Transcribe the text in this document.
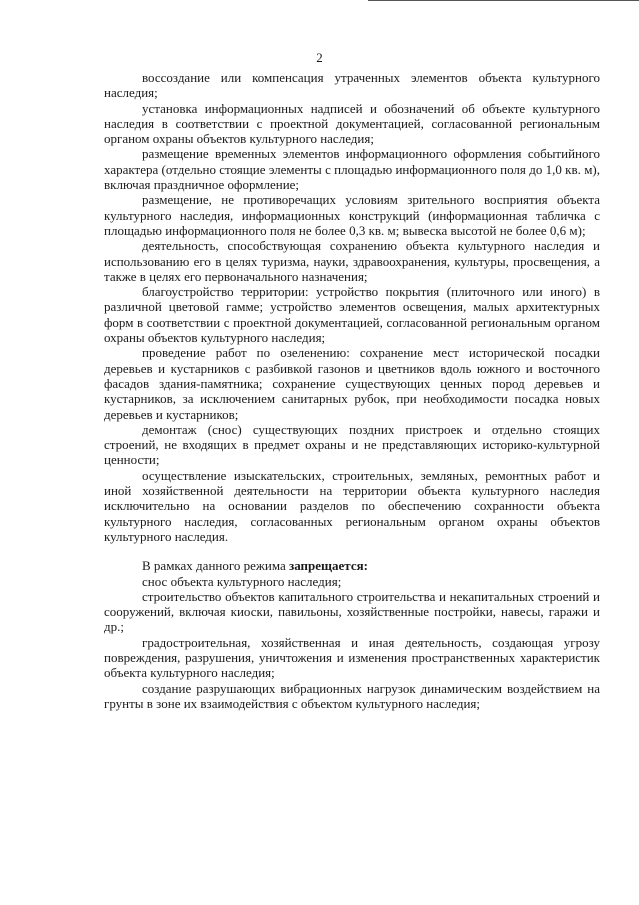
2

воссоздание или компенсация утраченных элементов объекта культурного наследия;

установка информационных надписей и обозначений об объекте культурного наследия в соответствии с проектной документацией, согласованной региональным органом охраны объектов культурного наследия;

размещение временных элементов информационного оформления событийного характера (отдельно стоящие элементы с площадью информационного поля до 1,0 кв. м), включая праздничное оформление;

размещение, не противоречащих условиям зрительного восприятия объекта культурного наследия, информационных конструкций (информационная табличка с площадью информационного поля не более 0,3 кв. м; вывеска высотой не более 0,6 м);

деятельность, способствующая сохранению объекта культурного наследия и использованию его в целях туризма, науки, здравоохранения, культуры, просвещения, а также в целях его первоначального назначения;

благоустройство территории: устройство покрытия (плиточного или иного) в различной цветовой гамме; устройство элементов освещения, малых архитектурных форм в соответствии с проектной документацией, согласованной региональным органом охраны объектов культурного наследия;

проведение работ по озеленению: сохранение мест исторической посадки деревьев и кустарников с разбивкой газонов и цветников вдоль южного и восточного фасадов здания-памятника; сохранение существующих ценных пород деревьев и кустарников, за исключением санитарных рубок, при необходимости посадка новых деревьев и кустарников;

демонтаж (снос) существующих поздних пристроек и отдельно стоящих строений, не входящих в предмет охраны и не представляющих историко-культурной ценности;

осуществление изыскательских, строительных, земляных, ремонтных работ и иной хозяйственной деятельности на территории объекта культурного наследия исключительно на основании разделов по обеспечению сохранности объекта культурного наследия, согласованных региональным органом охраны объектов культурного наследия.

В рамках данного режима запрещается:

снос объекта культурного наследия;

строительство объектов капитального строительства и некапитальных строений и сооружений, включая киоски, павильоны, хозяйственные постройки, навесы, гаражи и др.;

градостроительная, хозяйственная и иная деятельность, создающая угрозу повреждения, разрушения, уничтожения и изменения пространственных характеристик объекта культурного наследия;

создание разрушающих вибрационных нагрузок динамическим воздействием на грунты в зоне их взаимодействия с объектом культурного наследия;
